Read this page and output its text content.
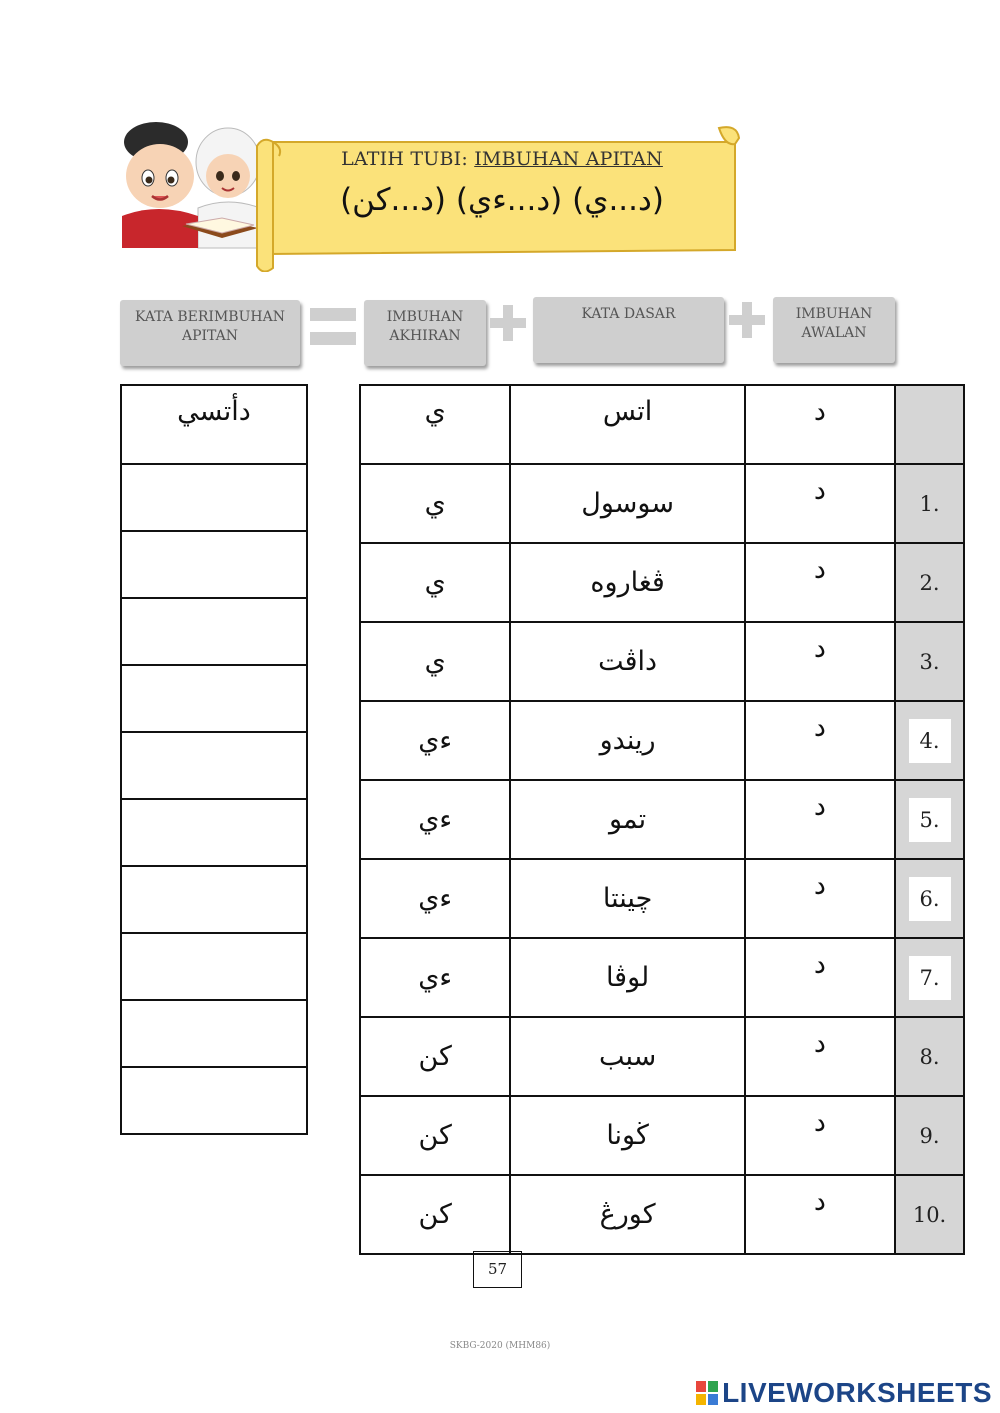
LATIH TUBI: IMBUHAN APITAN
(د...ي) (د...ءي) (د...كن)
KATA BERIMBUHAN APITAN
IMBUHAN AKHIRAN
KATA DASAR	IMBUHAN AWALAN
دأتسي	ي	اتس	د	
ي	سوسول	د	1.
ي	ڤغاروه	د	2.
ي	داڤت	د	3.
ءي	ريندو	د	4.
ءي	تمو	د	5.
ءي	چينتا	د	6.
ءي	لوڤا	د	7.
كن	سبب	د	8.
كن	ڬونا	د	9.
كن	کورڠ	د	10.
57
SKBG-2020 (MHM86)
LIVEWORKSHEETS
